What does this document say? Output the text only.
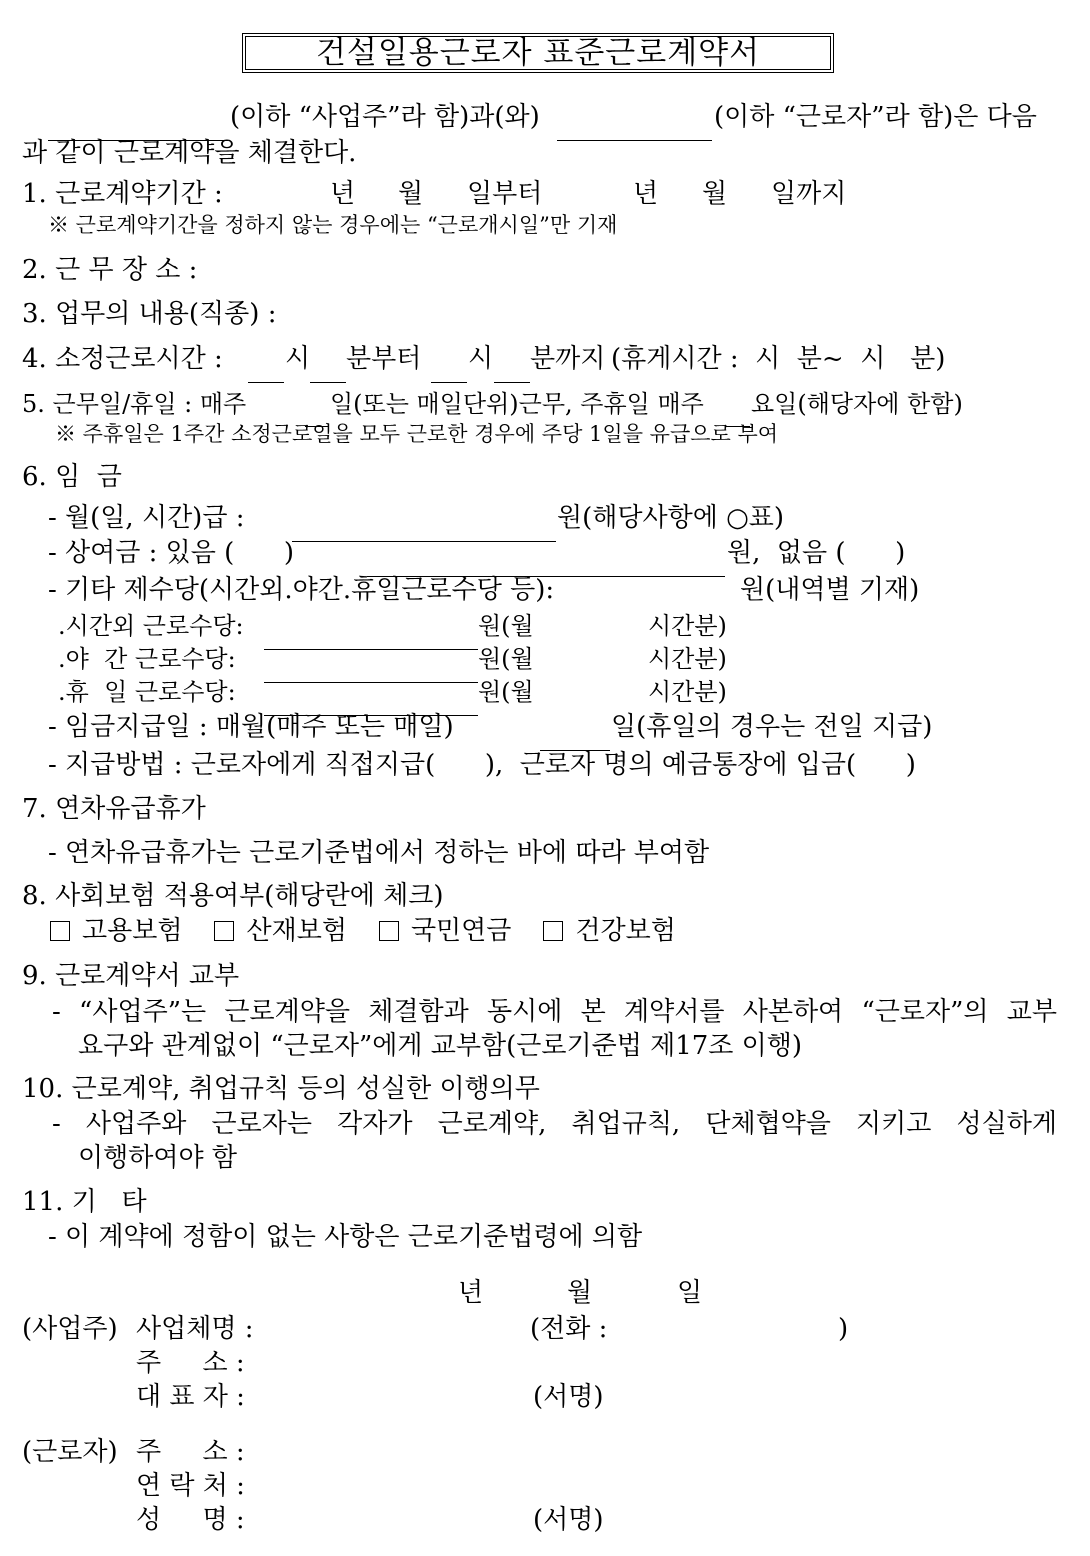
건설일용근로자 표준근로계약서
(이하 “사업주”라 함)과(와)	(이하 “근로자”라 함)은 다음
과 같이 근로계약을 체결한다.
1. 근로계약기간 :	년 월 일부터	년 월 일까지
※ 근로계약기간을 정하지 않는 경우에는 “근로개시일”만 기재
2. 근 무 장 소 :
3. 업무의 내용(직종) :
4. 소정근로시간 : 시 분부터 시 분까지 (휴게시간 :  시  분~  시   분)
5. 근무일/휴일 : 매주	일(또는 매일단위)근무, 주휴일 매주 요일(해당자에 한함)
※ 주휴일은 1주간 소정근로일을 모두 근로한 경우에 주당 1일을 유급으로 부여
6. 임  금
- 월(일, 시간)급 :	원(해당사항에 ○표)
- 상여금 : 있음 (      )	원,  없음 (      )
- 기타 제수당(시간외.야간.휴일근로수당 등):	원(내역별 기재)
.시간외 근로수당:	원(월	시간분)
.야  간 근로수당:	원(월	시간분)
.휴  일 근로수당:	원(월	시간분)
- 임금지급일 : 매월(매주 또는 매일)	일(휴일의 경우는 전일 지급)
- 지급방법 : 근로자에게 직접지급(      ),  근로자 명의 예금통장에 입금(      )
7. 연차유급휴가
- 연차유급휴가는 근로기준법에서 정하는 바에 따라 부여함
8. 사회보험 적용여부(해당란에 체크)
고용보험 산재보험 국민연금 건강보험
9. 근로계약서 교부
- “사업주”는 근로계약을 체결함과 동시에 본 계약서를 사본하여 “근로자”의 교부
요구와 관계없이 “근로자”에게 교부함(근로기준법 제17조 이행)
10. 근로계약, 취업규칙 등의 성실한 이행의무
- 사업주와 근로자는 각자가 근로계약, 취업규칙, 단체협약을 지키고 성실하게
이행하여야 함
11. 기   타
- 이 계약에 정함이 없는 사항은 근로기준법령에 의함
년	월	일
(사업주) 사업체명 :	(전화 :	)
주     소 :
대 표 자 :	(서명)
(근로자) 주     소 :
연 락 처 :
성     명 :	(서명)
